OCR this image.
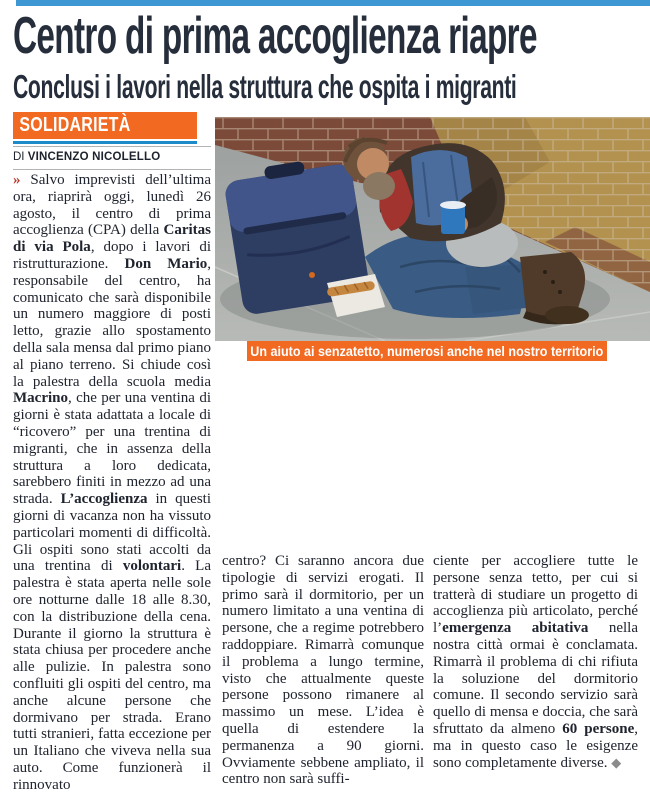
Centro di prima accoglienza riapre
Conclusi i lavori nella struttura che ospita i migranti
SOLIDARIETÀ
DI VINCENZO NICOLELLO
Un aiuto ai senzatetto, numerosi anche nel nostro territorio
» Salvo imprevisti dell’ultima ora, riaprirà oggi, lunedì 26 agosto, il centro di prima accoglienza (CPA) della Caritas di via Pola, dopo i lavori di ristrutturazione. Don Mario, responsabile del centro, ha comunicato che sarà disponibile un numero maggiore di posti letto, grazie allo spostamento della sala mensa dal primo piano al piano terreno. Si chiude così la palestra della scuola media Macrino, che per una ventina di giorni è stata adattata a locale di “ricovero” per una trentina di migranti, che in assenza della struttura a loro dedicata, sarebbero finiti in mezzo ad una strada. L’accoglienza in questi giorni di vacanza non ha vissuto particolari momenti di difficoltà. Gli ospiti sono stati accolti da una trentina di volontari. La palestra è stata aperta nelle sole ore notturne dalle 18 alle 8.30, con la distribuzione della cena. Durante il giorno la struttura è stata chiusa per procedere anche alle pulizie. In palestra sono confluiti gli ospiti del centro, ma anche alcune persone che dormivano per strada. Erano tutti stranieri, fatta eccezione per un Italiano che viveva nella sua auto. Come funzionerà il rinnovato
centro? Ci saranno ancora due tipologie di servizi erogati. Il primo sarà il dormitorio, per un numero limitato a una ventina di persone, che a regime potrebbero raddoppiare. Rimarrà comunque il problema a lungo termine, visto che attualmente queste persone possono rimanere al massimo un mese. L’idea è quella di estendere la permanenza a 90 giorni. Ovviamente sebbene ampliato, il centro non sarà suffi-
ciente per accogliere tutte le persone senza tetto, per cui si tratterà di studiare un progetto di accoglienza più articolato, perché l’emergenza abitativa nella nostra città ormai è conclamata. Rimarrà il problema di chi rifiuta la soluzione del dormitorio comune. Il secondo servizio sarà quello di mensa e doccia, che sarà sfruttato da almeno 60 persone, ma in questo caso le esigenze sono completamente diverse. ◆
